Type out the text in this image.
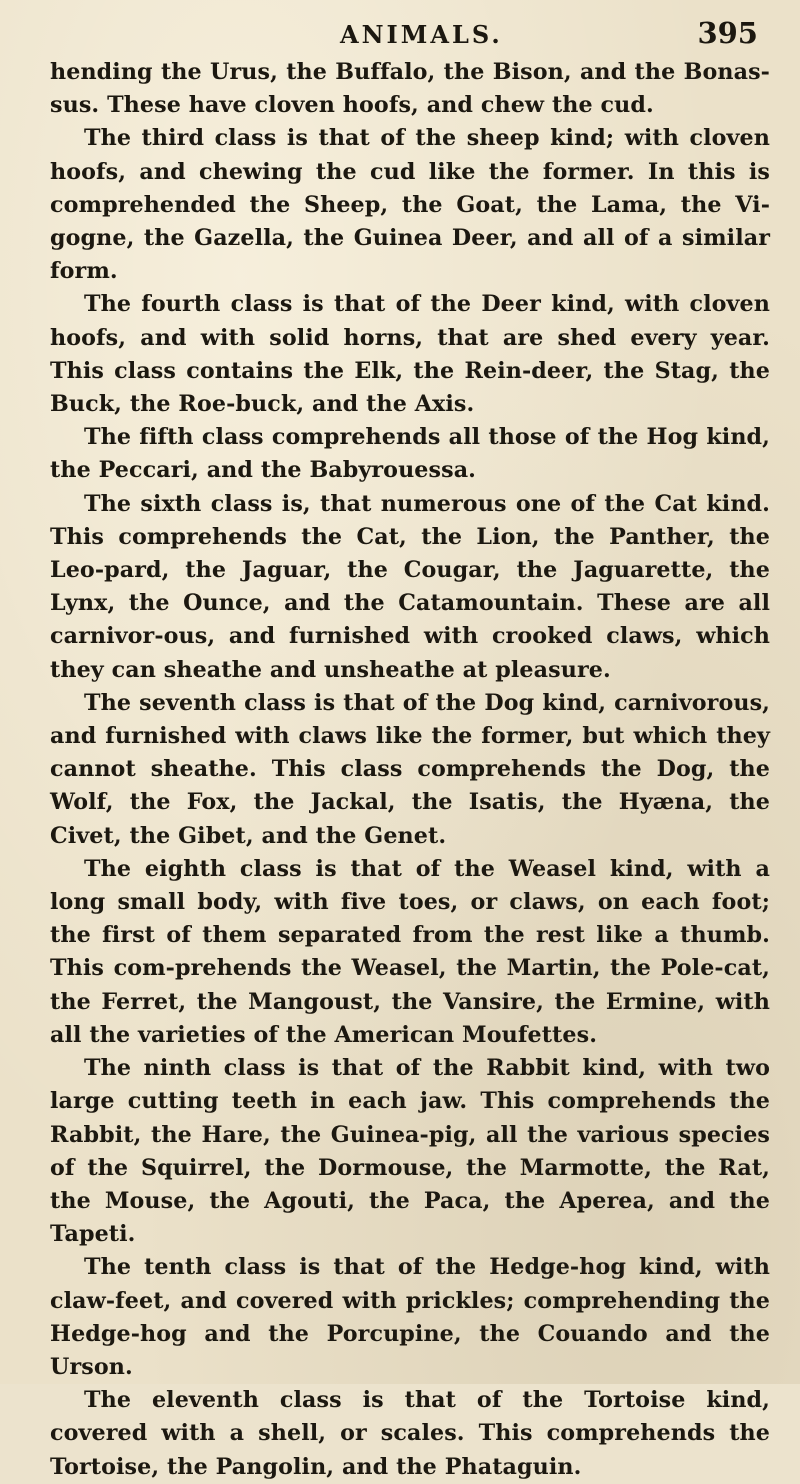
ANIMALS.	395

hending the Urus, the Buffalo, the Bison, and the Bonas-sus. These have cloven hoofs, and chew the cud.

The third class is that of the sheep kind; with cloven hoofs, and chewing the cud like the former. In this is comprehended the Sheep, the Goat, the Lama, the Vi-gogne, the Gazella, the Guinea Deer, and all of a similar form.

The fourth class is that of the Deer kind, with cloven hoofs, and with solid horns, that are shed every year. This class contains the Elk, the Rein-deer, the Stag, the Buck, the Roe-buck, and the Axis.

The fifth class comprehends all those of the Hog kind, the Peccari, and the Babyrouessa.

The sixth class is, that numerous one of the Cat kind. This comprehends the Cat, the Lion, the Panther, the Leo-pard, the Jaguar, the Cougar, the Jaguarette, the Lynx, the Ounce, and the Catamountain. These are all carnivor-ous, and furnished with crooked claws, which they can sheathe and unsheathe at pleasure.

The seventh class is that of the Dog kind, carnivorous, and furnished with claws like the former, but which they cannot sheathe. This class comprehends the Dog, the Wolf, the Fox, the Jackal, the Isatis, the Hyæna, the Civet, the Gibet, and the Genet.

The eighth class is that of the Weasel kind, with a long small body, with five toes, or claws, on each foot; the first of them separated from the rest like a thumb. This com-prehends the Weasel, the Martin, the Pole-cat, the Ferret, the Mangoust, the Vansire, the Ermine, with all the varieties of the American Moufettes.

The ninth class is that of the Rabbit kind, with two large cutting teeth in each jaw. This comprehends the Rabbit, the Hare, the Guinea-pig, all the various species of the Squirrel, the Dormouse, the Marmotte, the Rat, the Mouse, the Agouti, the Paca, the Aperea, and the Tapeti.

The tenth class is that of the Hedge-hog kind, with claw-feet, and covered with prickles; comprehending the Hedge-hog and the Porcupine, the Couando and the Urson.

The eleventh class is that of the Tortoise kind, covered with a shell, or scales. This comprehends the Tortoise, the Pangolin, and the Phataguin.
